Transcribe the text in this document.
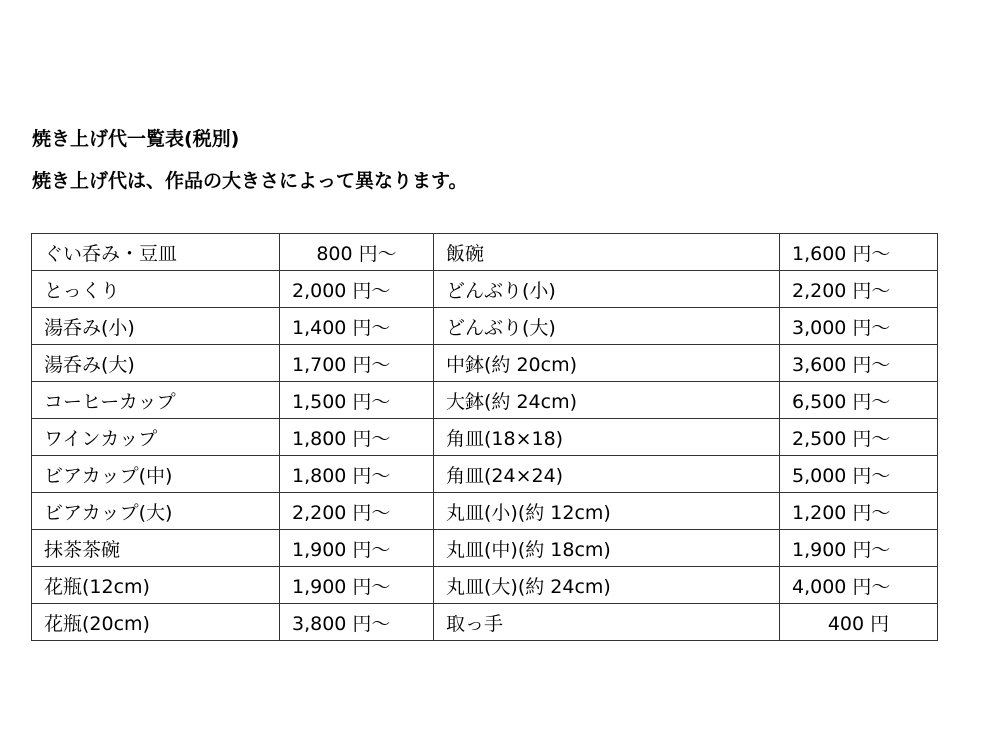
焼き上げ代一覧表(税別)
焼き上げ代は、作品の大きさによって異なります。
ぐい呑み・豆皿	800 円〜	飯碗	1,600 円〜
とっくり	2,000 円〜	どんぶり(小)	2,200 円〜
湯呑み(小)	1,400 円〜	どんぶり(大)	3,000 円〜
湯呑み(大)	1,700 円〜	中鉢(約 20cm)	3,600 円〜
コーヒーカップ	1,500 円〜	大鉢(約 24cm)	6,500 円〜
ワインカップ	1,800 円〜	角皿(18×18)	2,500 円〜
ビアカップ(中)	1,800 円〜	角皿(24×24)	5,000 円〜
ビアカップ(大)	2,200 円〜	丸皿(小)(約 12cm)	1,200 円〜
抹茶茶碗	1,900 円〜	丸皿(中)(約 18cm)	1,900 円〜
花瓶(12cm)	1,900 円〜	丸皿(大)(約 24cm)	4,000 円〜
花瓶(20cm)	3,800 円〜	取っ手	400 円
